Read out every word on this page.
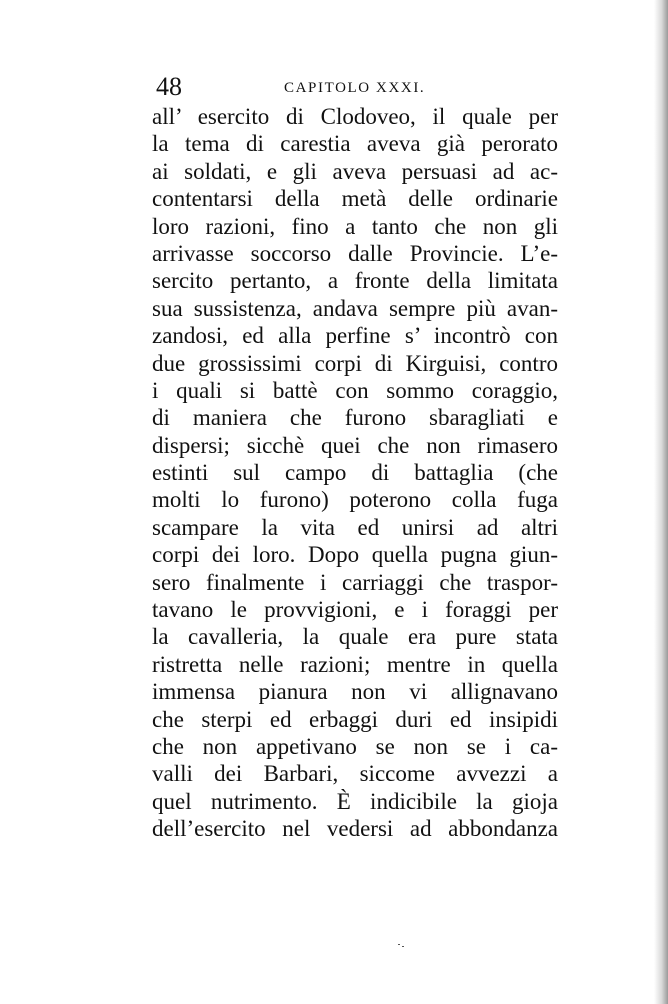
48	CAPITOLO XXXI.
all’ esercito di Clodoveo, il quale per
la tema di carestia aveva già perorato
ai soldati, e gli aveva persuasi ad ac-
contentarsi della metà delle ordinarie
loro razioni, fino a tanto che non gli
arrivasse soccorso dalle Provincie. L’e-
sercito pertanto, a fronte della limitata
sua sussistenza, andava sempre più avan-
zandosi, ed alla perfine s’ incontrò con
due grossissimi corpi di Kirguisi, contro
i quali si battè con sommo coraggio,
di maniera che furono sbaragliati e
dispersi; sicchè quei che non rimasero
estinti sul campo di battaglia (che
molti lo furono) poterono colla fuga
scampare la vita ed unirsi ad altri
corpi dei loro. Dopo quella pugna giun-
sero finalmente i carriaggi che traspor-
tavano le provvigioni, e i foraggi per
la cavalleria, la quale era pure stata
ristretta nelle razioni; mentre in quella
immensa pianura non vi allignavano
che sterpi ed erbaggi duri ed insipidi
che non appetivano se non se i ca-
valli dei Barbari, siccome avvezzi a
quel nutrimento. È indicibile la gioja
dell’esercito nel vedersi ad abbondanza
